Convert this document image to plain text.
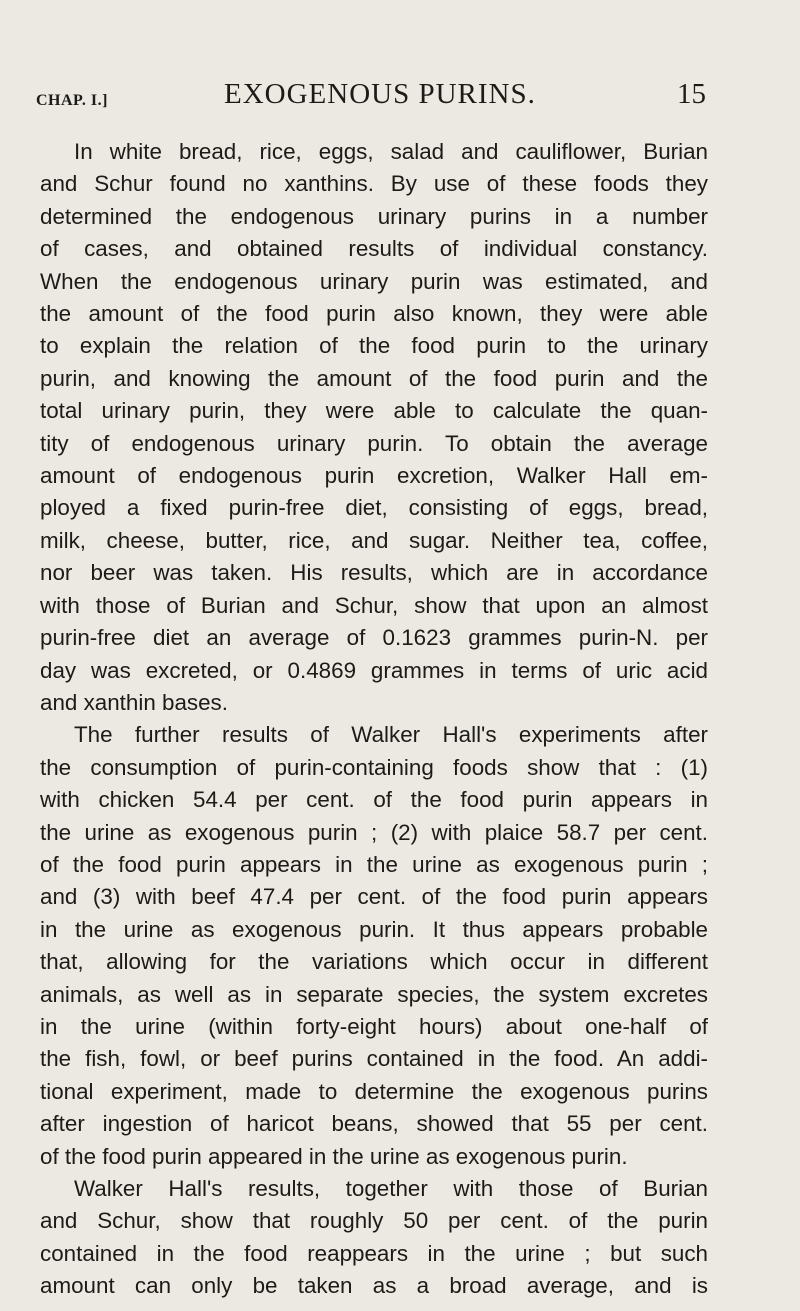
CHAP. I.]	EXOGENOUS PURINS.	15
In white bread, rice, eggs, salad and cauliflower, Burian
and Schur found no xanthins. By use of these foods they
determined the endogenous urinary purins in a number
of cases, and obtained results of individual constancy.
When the endogenous urinary purin was estimated, and
the amount of the food purin also known, they were able
to explain the relation of the food purin to the urinary
purin, and knowing the amount of the food purin and the
total urinary purin, they were able to calculate the quan-
tity of endogenous urinary purin. To obtain the average
amount of endogenous purin excretion, Walker Hall em-
ployed a fixed purin-free diet, consisting of eggs, bread,
milk, cheese, butter, rice, and sugar. Neither tea, coffee,
nor beer was taken. His results, which are in accordance
with those of Burian and Schur, show that upon an almost
purin-free diet an average of 0.1623 grammes purin-N. per
day was excreted, or 0.4869 grammes in terms of uric acid
and xanthin bases.
The further results of Walker Hall's experiments after
the consumption of purin-containing foods show that : (1)
with chicken 54.4 per cent. of the food purin appears in
the urine as exogenous purin ; (2) with plaice 58.7 per cent.
of the food purin appears in the urine as exogenous purin ;
and (3) with beef 47.4 per cent. of the food purin appears
in the urine as exogenous purin. It thus appears probable
that, allowing for the variations which occur in different
animals, as well as in separate species, the system excretes
in the urine (within forty-eight hours) about one-half of
the fish, fowl, or beef purins contained in the food. An addi-
tional experiment, made to determine the exogenous purins
after ingestion of haricot beans, showed that 55 per cent.
of the food purin appeared in the urine as exogenous purin.
Walker Hall's results, together with those of Burian
and Schur, show that roughly 50 per cent. of the purin
contained in the food reappears in the urine ; but such
amount can only be taken as a broad average, and is
